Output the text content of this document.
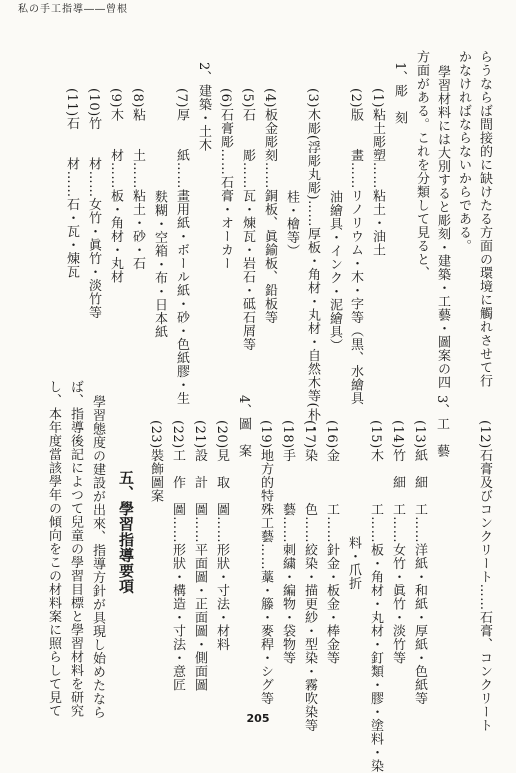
私の手工指導――曾根
らうならば間接的に缺けたる方面の環境に觸れさせて行
かなければならないからである。
學習材料には大別すると彫刻・建築・工藝・圖案の四
方面がある。これを分類して見ると、
1、彫　刻
(1)粘土彫塑……粘土・油土
(2)版　　畫……リノリウム・木・字等（黒、水繪具
油繪具・インク・泥繪具）
(3)木彫(浮彫丸彫)……厚板・角材・丸材・自然木等(朴・
桂・檜等）
(4)板金彫刻……銅板、眞鍮板、鉛板等
(5)石　　彫……瓦・煉瓦・岩石・砥石屑等
(6)石膏彫……石膏・オーカー
2、建築・土木
(7)厚　　紙……畫用紙・ボール紙・砂・色紙膠・生
麩糊・空箱・布・日本紙
(8)粘　　土……粘土・砂・石
(9)木　　材……板・角材・丸材
(10)竹　　材……女竹・眞竹・淡竹等
(11)石　　材……石・瓦・煉瓦
(12)石膏及びコンクリート……石膏、コンクリート
3、工　藝
(13)紙　細　工……洋紙・和紙・厚紙・色紙等
(14)竹　細　工……女竹・眞竹・淡竹等
(15)木　　　工……板・角材・丸材・釘類・膠・塗料・染
料・爪折
(16)金　　　工……針金・板金・棒金等
(17)染　　　色……絞染・描更紗・型染・霧吹染等
(18)手　　　藝……刺繍・編物・袋物等
(19)地方的特殊工藝……藁・籐・麥稈・シグ等
4、圖　案
(20)見　取　圖……形狀・寸法・材料
(21)設　計　圖……平面圖・正面圖・側面圖
(22)工　作　圖……形狀・構造・寸法・意匠
(23)裝飾圖案
五、學習指導要項
學習態度の建設が出來、指導方針が具現し始めたなら
ば、指導後記によつて兒童の學習目標と學習材料を研究
し、本年度當該學年の傾向をこの材料案に照らして見て
205
